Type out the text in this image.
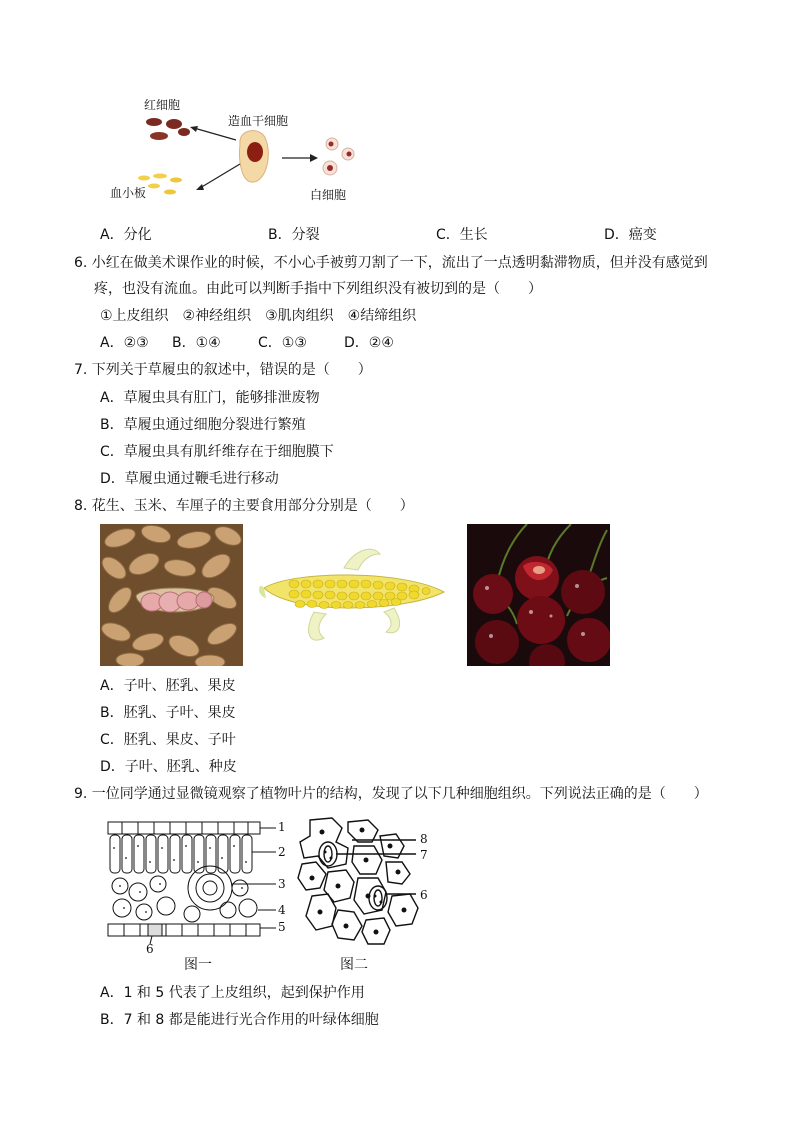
红细胞
造血干细胞
血小板	白细胞
A．分化	B．分裂	C．生长	D．癌变
6. 小红在做美术课作业的时候，不小心手被剪刀割了一下，流出了一点透明黏滞物质，但并没有感觉到
疼，也没有流血。由此可以判断手指中下列组织没有被切到的是（　　）
①上皮组织　②神经组织　③肌肉组织　④结缔组织
A．②③ B．①④	C．①③	D．②④
7. 下列关于草履虫的叙述中，错误的是（　　）
A．草履虫具有肛门，能够排泄废物
B．草履虫通过细胞分裂进行繁殖
C．草履虫具有肌纤维存在于细胞膜下
D．草履虫通过鞭毛进行移动
8. 花生、玉米、车厘子的主要食用部分分别是（　　）
A．子叶、胚乳、果皮
B．胚乳、子叶、果皮
C．胚乳、果皮、子叶
D．子叶、胚乳、种皮
9. 一位同学通过显微镜观察了植物叶片的结构，发现了以下几种细胞组织。下列说法正确的是（　　）
1
2
3
4
5
6
图一
8
7
6
图二
A．1 和 5 代表了上皮组织，起到保护作用
B．7 和 8 都是能进行光合作用的叶绿体细胞
